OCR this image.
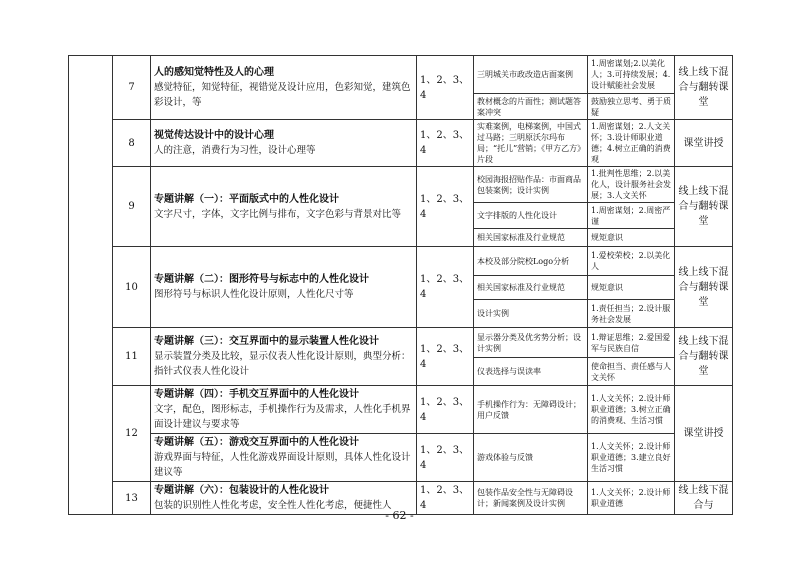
	7	人的感知觉特性及人的心理
感觉特征，知觉特征，视错觉及设计应用，色彩知觉，建筑色彩设计，等	1、2、3、4	三明城关市政改造店面案例	1.周密谋划;2.以美化人；3.可持续发展；4.设计赋能社会发展	线上线下混合与翻转课堂
				教材概念的片面性；测试题答案冲突	鼓励独立思考、勇于质疑	
	8	视觉传达设计中的设计心理
人的注意，消费行为习性，设计心理等	1、2、3、4	实难案例，电梯案例，中国式过马路；三明原沃尔玛布局；“托儿”营销；《甲方乙方》片段	1.周密谋划；2.人文关怀；3.设计师职业道德；4.树立正确的消费观	课堂讲授
	9	专题讲解（一）：平面版式中的人性化设计
文字尺寸，字体，文字比例与排布，文字色彩与背景对比等	1、2、3、4	校园海报招贴作品：市面商品包装案例；设计实例	1.批判性思维；2.以美化人，设计服务社会发展；3.人文关怀	线上线下混合与翻转课堂
				文字排版的人性化设计	1.周密谋划；2.周密严谨	
				相关国家标准及行业规范	规矩意识	
	10	专题讲解（二）：图形符号与标志中的人性化设计
图形符号与标识人性化设计原则，人性化尺寸等	1、2、3、4	本校及部分院校Logo分析	1.爱校荣校；2.以美化人	线上线下混合与翻转课堂
				相关国家标准及行业规范	规矩意识	
				设计实例	1.责任担当；2.设计服务社会发展	
	11	专题讲解（三）：交互界面中的显示装置人性化设计
显示装置分类及比较，显示仪表人性化设计原则，典型分析：指针式仪表人性化设计	1、2、3、4	显示器分类及优劣势分析；设计实例	1.辩证思维；2.爱国爱军与民族自信	线上线下混合与翻转课堂
				仪表选择与误读率	使命担当、责任感与人文关怀	
	12	专题讲解（四）：手机交互界面中的人性化设计
文字，配色，图形标志，手机操作行为及需求，人性化手机界面设计建议与要求等	1、2、3、4	手机操作行为：无障碍设计；用户反馈	1.人文关怀；2.设计师职业道德；3.树立正确的消费观、生活习惯	课堂讲授

		专题讲解（五）：游戏交互界面中的人性化设计
游戏界面与特征，人性化游戏界面设计原则，具体人性化设计建议等	1、2、3、4	游戏体验与反馈	1.人文关怀；2.设计师职业道德；3.建立良好生活习惯	
	13	专题讲解（六）：包装设计的人性化设计
包装的识别性人性化考虑，安全性人性化考虑，便捷性人	1、2、3、4	包装作品安全性与无障碍设计；新闻案例及设计实例	1.人文关怀；2.设计师职业道德	线上线下混合与
- 62 -
